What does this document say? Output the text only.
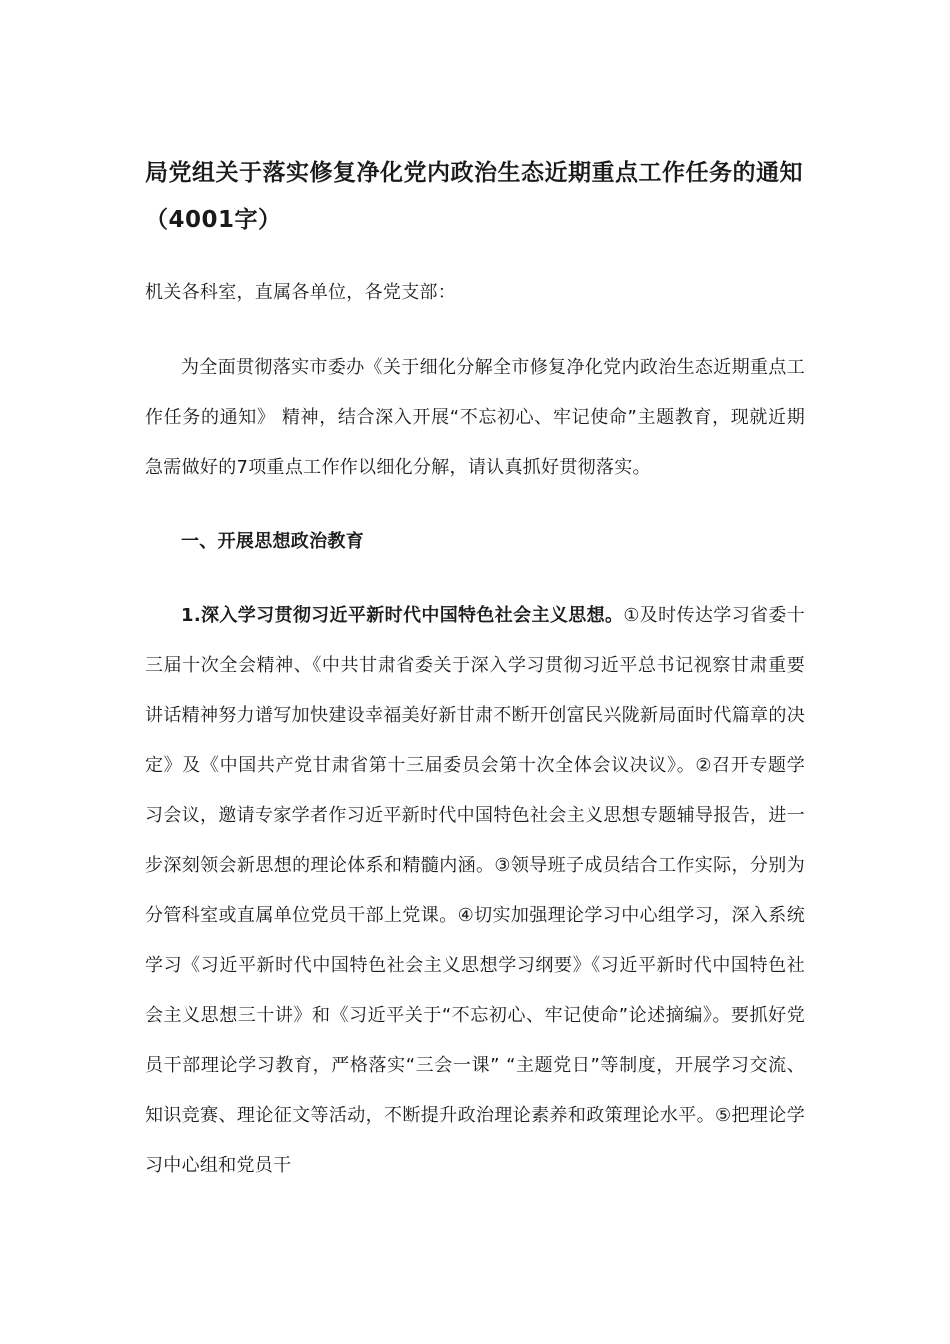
局党组关于落实修复净化党内政治生态近期重点工作任务的通知（4001字）

机关各科室，直属各单位，各党支部：

为全面贯彻落实市委办《关于细化分解全市修复净化党内政治生态近期重点工作任务的通知》 精神，结合深入开展“不忘初心、牢记使命”主题教育，现就近期急需做好的7项重点工作作以细化分解，请认真抓好贯彻落实。

一、开展思想政治教育

1.深入学习贯彻习近平新时代中国特色社会主义思想。①及时传达学习省委十三届十次全会精神、《中共甘肃省委关于深入学习贯彻习近平总书记视察甘肃重要讲话精神努力谱写加快建设幸福美好新甘肃不断开创富民兴陇新局面时代篇章的决定》及《中国共产党甘肃省第十三届委员会第十次全体会议决议》。②召开专题学习会议，邀请专家学者作习近平新时代中国特色社会主义思想专题辅导报告，进一步深刻领会新思想的理论体系和精髓内涵。③领导班子成员结合工作实际，分别为分管科室或直属单位党员干部上党课。④切实加强理论学习中心组学习，深入系统学习《习近平新时代中国特色社会主义思想学习纲要》《习近平新时代中国特色社会主义思想三十讲》和《习近平关于“不忘初心、牢记使命”论述摘编》。要抓好党员干部理论学习教育，严格落实“三会一课” “主题党日”等制度，开展学习交流、知识竞赛、理论征文等活动，不断提升政治理论素养和政策理论水平。⑤把理论学习中心组和党员干
